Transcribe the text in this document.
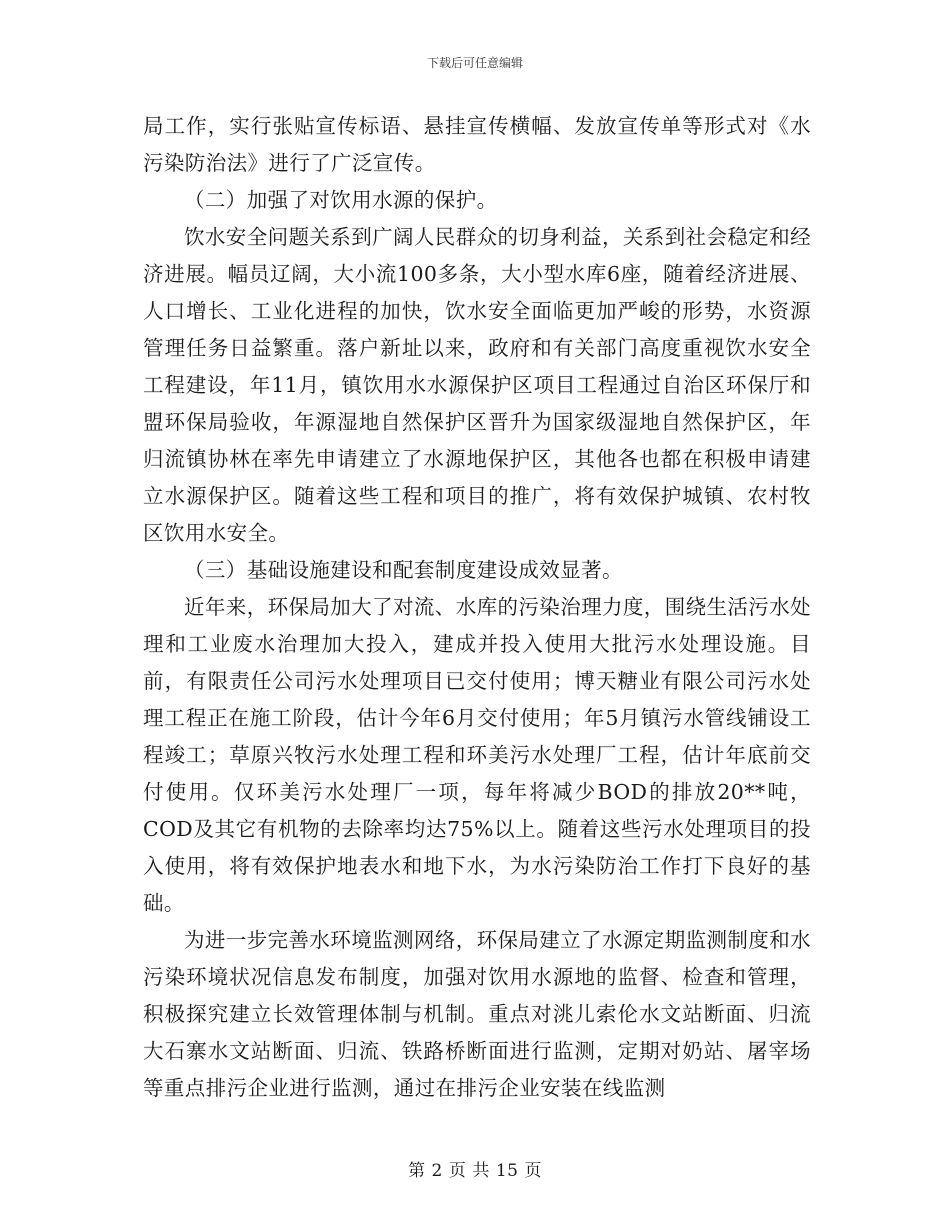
下载后可任意编辑

局工作，实行张贴宣传标语、悬挂宣传横幅、发放宣传单等形式对《水污染防治法》进行了广泛宣传。

（二）加强了对饮用水源的保护。

饮水安全问题关系到广阔人民群众的切身利益，关系到社会稳定和经济进展。幅员辽阔，大小流100多条，大小型水库6座，随着经济进展、人口增长、工业化进程的加快，饮水安全面临更加严峻的形势，水资源管理任务日益繁重。落户新址以来，政府和有关部门高度重视饮水安全工程建设，年11月，镇饮用水水源保护区项目工程通过自治区环保厅和盟环保局验收，年源湿地自然保护区晋升为国家级湿地自然保护区，年归流镇协林在率先申请建立了水源地保护区，其他各也都在积极申请建立水源保护区。随着这些工程和项目的推广，将有效保护城镇、农村牧区饮用水安全。

（三）基础设施建设和配套制度建设成效显著。

近年来，环保局加大了对流、水库的污染治理力度，围绕生活污水处理和工业废水治理加大投入，建成并投入使用大批污水处理设施。目前，有限责任公司污水处理项目已交付使用；博天糖业有限公司污水处理工程正在施工阶段，估计今年6月交付使用；年5月镇污水管线铺设工程竣工；草原兴牧污水处理工程和环美污水处理厂工程，估计年底前交付使用。仅环美污水处理厂一项，每年将减少BOD的排放20**吨，COD及其它有机物的去除率均达75%以上。随着这些污水处理项目的投入使用，将有效保护地表水和地下水，为水污染防治工作打下良好的基础。

为进一步完善水环境监测网络，环保局建立了水源定期监测制度和水污染环境状况信息发布制度，加强对饮用水源地的监督、检查和管理，积极探究建立长效管理体制与机制。重点对洮儿索伦水文站断面、归流大石寨水文站断面、归流、铁路桥断面进行监测，定期对奶站、屠宰场等重点排污企业进行监测，通过在排污企业安装在线监测

第 2 页 共 15 页
